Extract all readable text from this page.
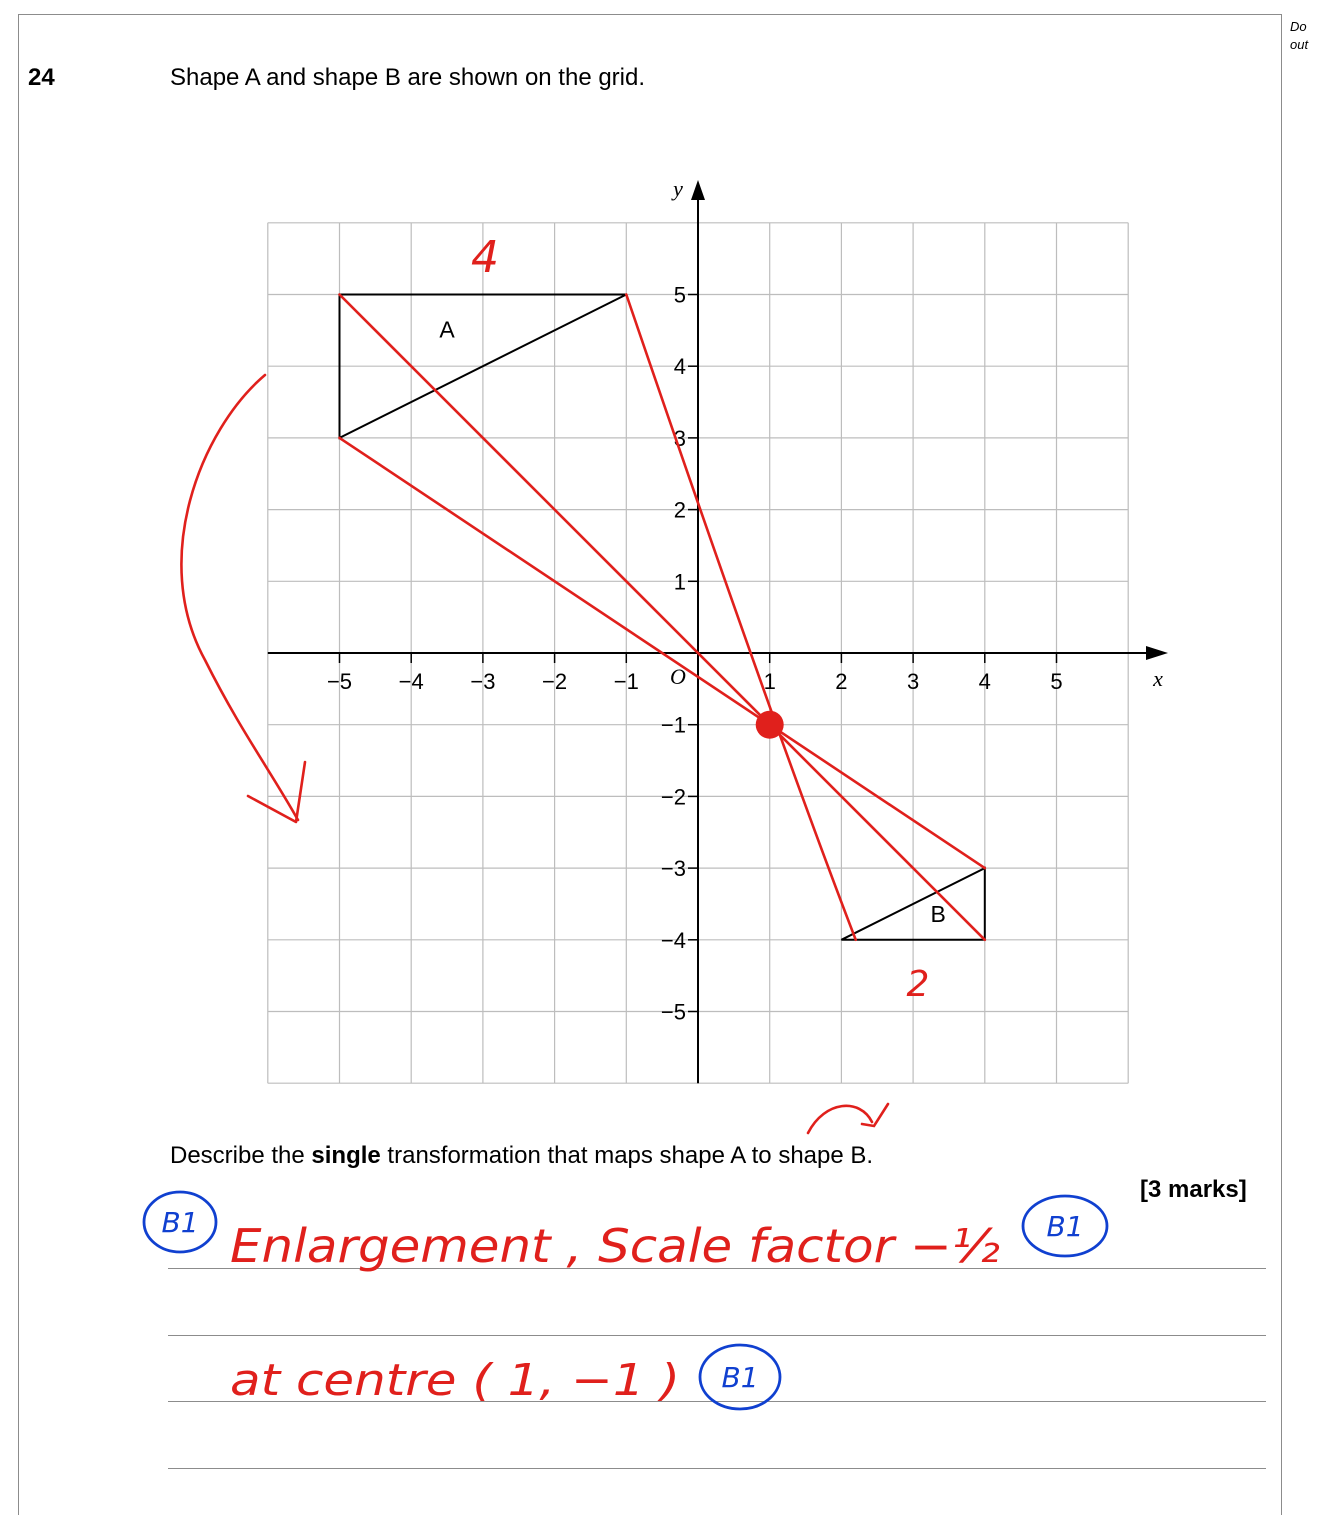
Do
out
24	Shape A and shape B are shown on the grid.
Describe the single transformation that maps shape A to shape B.
[3 marks]
x
y
O
−5 −4 −3 −2 −1	1	2	3	4	5
5
4
3
2
1
−1
−2
−3
−4
−5
A
B
4
2
Enlargement , Scale factor −½
at centre ( 1, −1 )
B1	B1
B1
